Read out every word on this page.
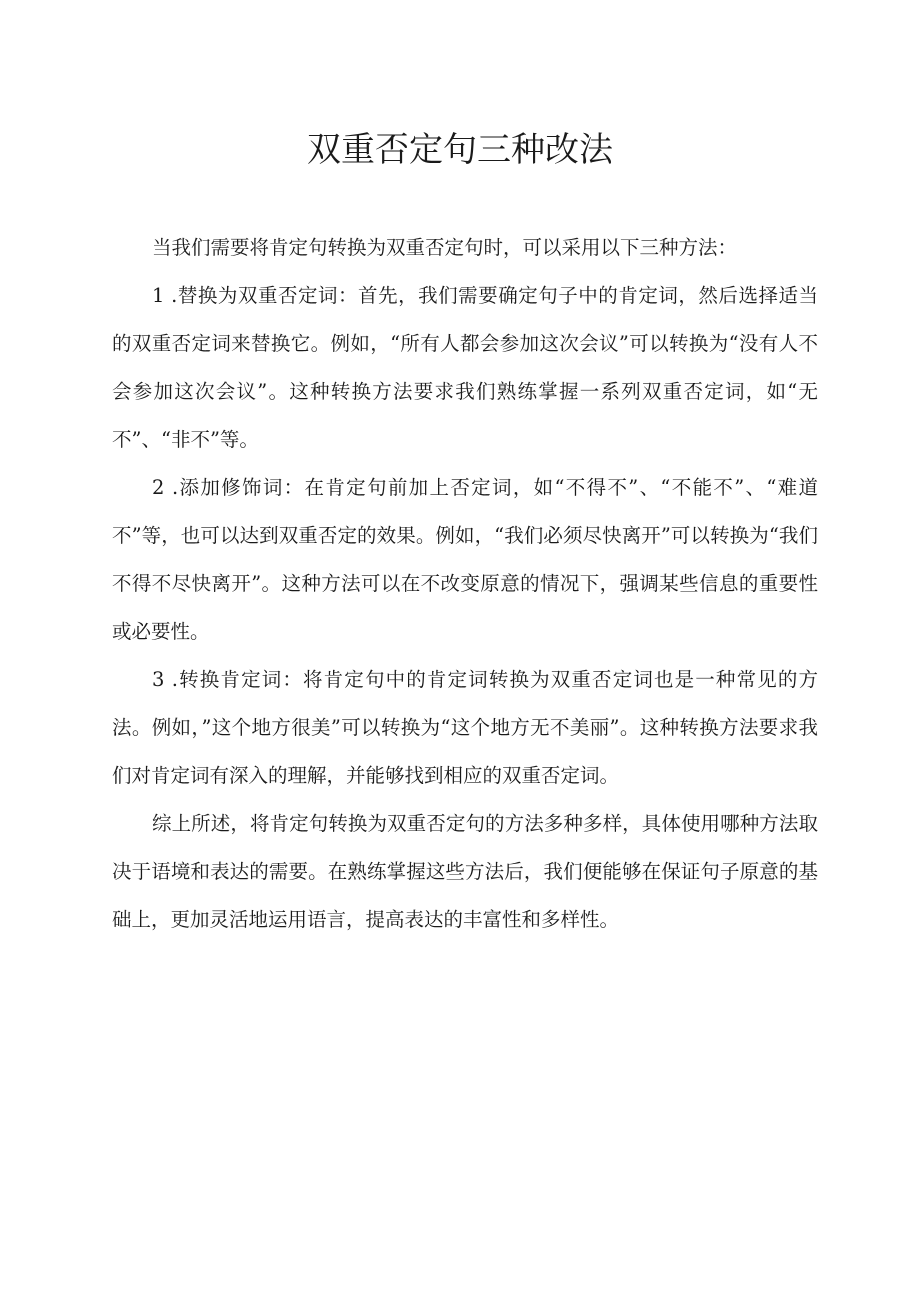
双重否定句三种改法

当我们需要将肯定句转换为双重否定句时，可以采用以下三种方法：

1 .替换为双重否定词：首先，我们需要确定句子中的肯定词，然后选择适当的双重否定词来替换它。例如，“所有人都会参加这次会议”可以转换为“没有人不会参加这次会议”。这种转换方法要求我们熟练掌握一系列双重否定词，如“无不”、“非不”等。

2 .添加修饰词：在肯定句前加上否定词，如“不得不”、“不能不”、“难道不”等，也可以达到双重否定的效果。例如，“我们必须尽快离开”可以转换为“我们不得不尽快离开”。这种方法可以在不改变原意的情况下，强调某些信息的重要性或必要性。

3 .转换肯定词：将肯定句中的肯定词转换为双重否定词也是一种常见的方法。例如，”这个地方很美”可以转换为“这个地方无不美丽”。这种转换方法要求我们对肯定词有深入的理解，并能够找到相应的双重否定词。

综上所述，将肯定句转换为双重否定句的方法多种多样，具体使用哪种方法取决于语境和表达的需要。在熟练掌握这些方法后，我们便能够在保证句子原意的基础上，更加灵活地运用语言，提高表达的丰富性和多样性。
